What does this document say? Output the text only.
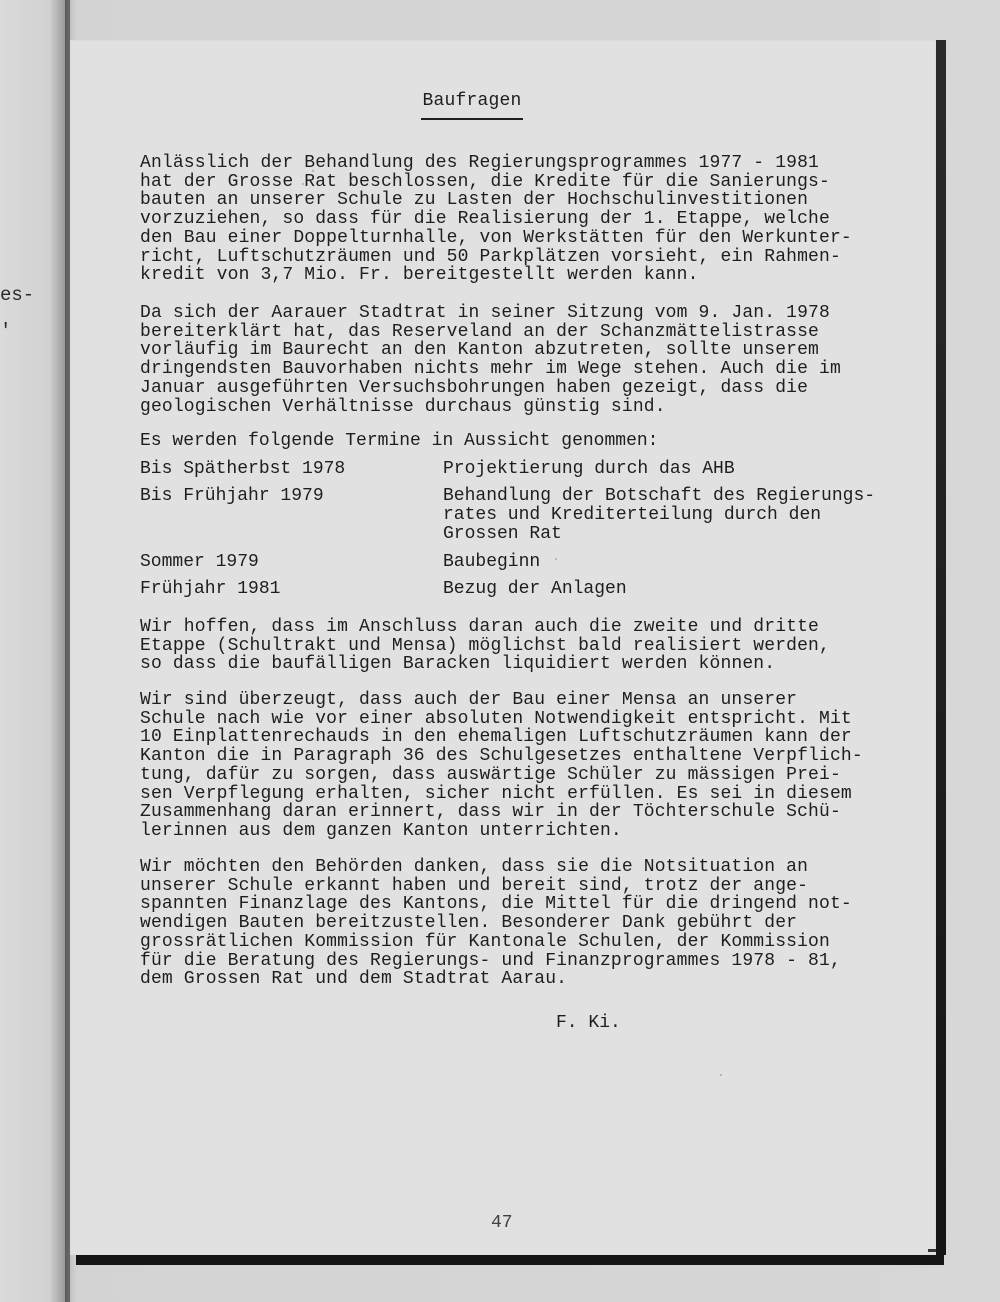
es-
'
Baufragen
Anlässlich der Behandlung des Regierungsprogrammes 1977 - 1981
hat der Grosse Rat beschlossen, die Kredite für die Sanierungs-
bauten an unserer Schule zu Lasten der Hochschulinvestitionen
vorzuziehen, so dass für die Realisierung der 1. Etappe, welche
den Bau einer Doppelturnhalle, von Werkstätten für den Werkunter-
richt, Luftschutzräumen und 50 Parkplätzen vorsieht, ein Rahmen-
kredit von 3,7 Mio. Fr. bereitgestellt werden kann.
Da sich der Aarauer Stadtrat in seiner Sitzung vom 9. Jan. 1978
bereiterklärt hat, das Reserveland an der Schanzmättelistrasse
vorläufig im Baurecht an den Kanton abzutreten, sollte unserem
dringendsten Bauvorhaben nichts mehr im Wege stehen. Auch die im
Januar ausgeführten Versuchsbohrungen haben gezeigt, dass die
geologischen Verhältnisse durchaus günstig sind.
Es werden folgende Termine in Aussicht genommen:
Bis Spätherbst 1978	Projektierung durch das AHB
Bis Frühjahr 1979	Behandlung der Botschaft des Regierungs-
rates und Krediterteilung durch den
Grossen Rat
Sommer 1979	Baubeginn
Frühjahr 1981	Bezug der Anlagen
Wir hoffen, dass im Anschluss daran auch die zweite und dritte
Etappe (Schultrakt und Mensa) möglichst bald realisiert werden,
so dass die baufälligen Baracken liquidiert werden können.
Wir sind überzeugt, dass auch der Bau einer Mensa an unserer
Schule nach wie vor einer absoluten Notwendigkeit entspricht. Mit
10 Einplattenrechauds in den ehemaligen Luftschutzräumen kann der
Kanton die in Paragraph 36 des Schulgesetzes enthaltene Verpflich-
tung, dafür zu sorgen, dass auswärtige Schüler zu mässigen Prei-
sen Verpflegung erhalten, sicher nicht erfüllen. Es sei in diesem
Zusammenhang daran erinnert, dass wir in der Töchterschule Schü-
lerinnen aus dem ganzen Kanton unterrichten.
Wir möchten den Behörden danken, dass sie die Notsituation an
unserer Schule erkannt haben und bereit sind, trotz der ange-
spannten Finanzlage des Kantons, die Mittel für die dringend not-
wendigen Bauten bereitzustellen. Besonderer Dank gebührt der
grossrätlichen Kommission für Kantonale Schulen, der Kommission
für die Beratung des Regierungs- und Finanzprogrammes 1978 - 81,
dem Grossen Rat und dem Stadtrat Aarau.
F. Ki.
47
